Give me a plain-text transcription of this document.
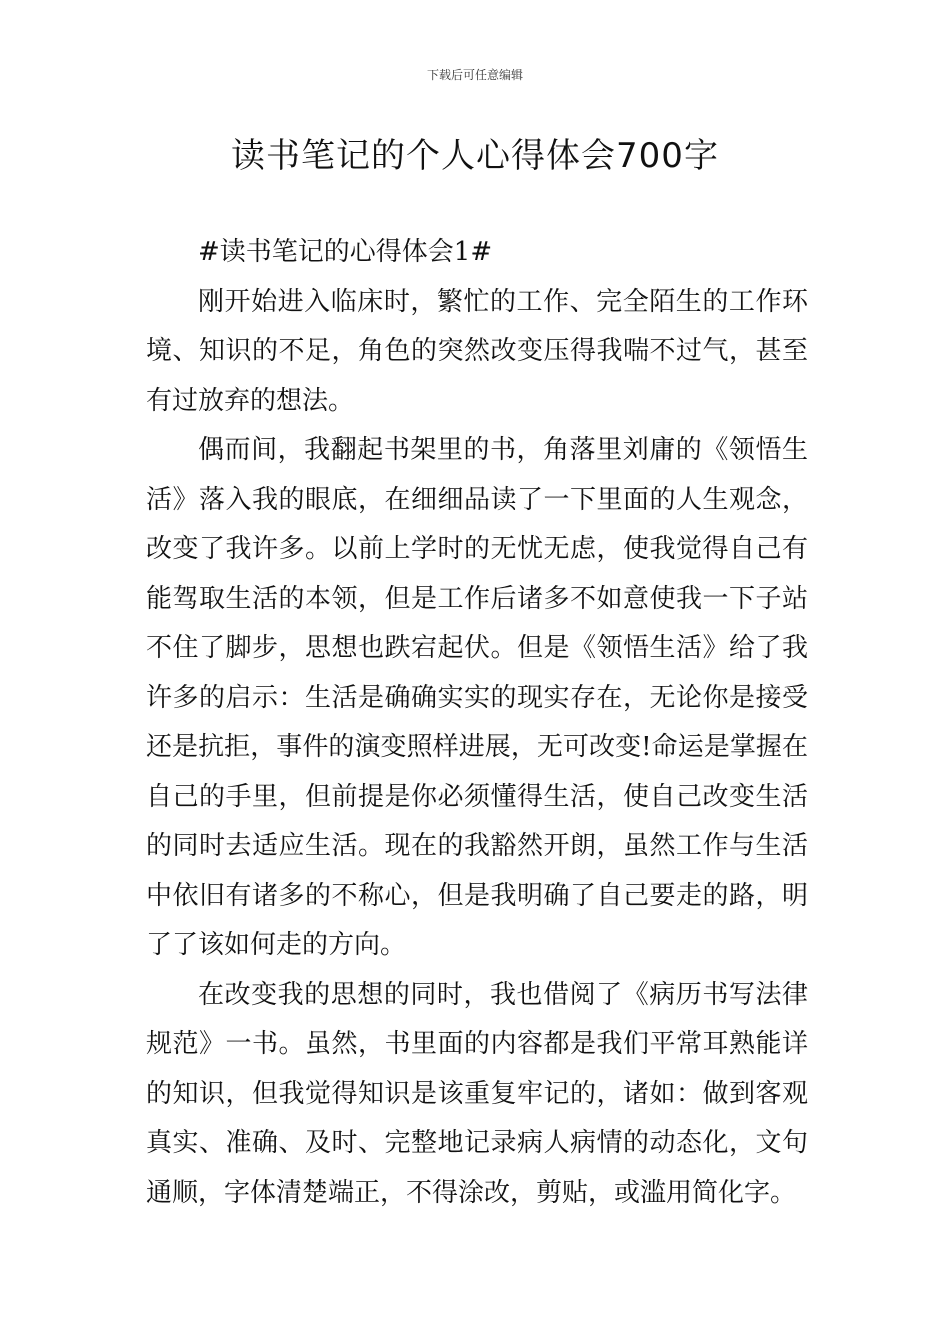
下载后可任意编辑
读书笔记的个人心得体会700字

#读书笔记的心得体会1#

刚开始进入临床时，繁忙的工作、完全陌生的工作环境、知识的不足，角色的突然改变压得我喘不过气，甚至有过放弃的想法。

偶而间，我翻起书架里的书，角落里刘庸的《领悟生活》落入我的眼底，在细细品读了一下里面的人生观念，改变了我许多。以前上学时的无忧无虑，使我觉得自己有能驾取生活的本领，但是工作后诸多不如意使我一下子站不住了脚步，思想也跌宕起伏。但是《领悟生活》给了我许多的启示：生活是确确实实的现实存在，无论你是接受还是抗拒，事件的演变照样进展，无可改变!命运是掌握在自己的手里，但前提是你必须懂得生活，使自己改变生活的同时去适应生活。现在的我豁然开朗，虽然工作与生活中依旧有诸多的不称心，但是我明确了自己要走的路，明了了该如何走的方向。

在改变我的思想的同时，我也借阅了《病历书写法律规范》一书。虽然，书里面的内容都是我们平常耳熟能详的知识，但我觉得知识是该重复牢记的，诸如：做到客观真实、准确、及时、完整地记录病人病情的动态化，文句通顺，字体清楚端正，不得涂改，剪贴，或滥用简化字。
